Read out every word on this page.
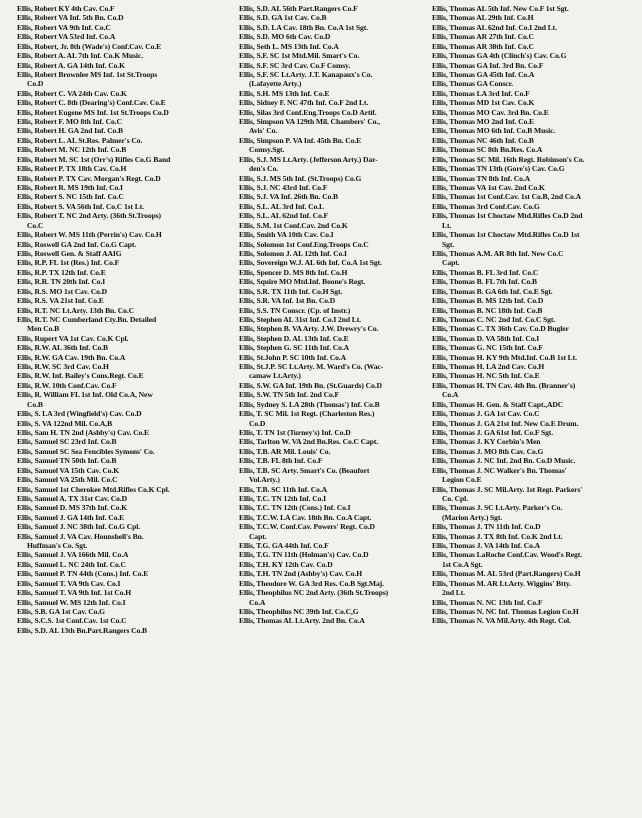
Ellis, Robert KY 4th Cav. Co.F
Ellis, Robert VA Inf. 5th Bn. Co.D
Ellis, Robert VA 9th Inf. Co.C
Ellis, Robert VA 53rd Inf. Co.A
Ellis, Robert, Jr. 8th (Wade's) Conf.Cav. Co.E
Ellis, Robert A. AL 7th Inf. Co.K Music.
Ellis, Robert A. GA 14th Inf. Co.K
Ellis, Robert Brownlee MS Inf. 1st St.Troops
Co.D
Ellis, Robert C. VA 24th Cav. Co.K
Ellis, Robert C. 8th (Dearing's) Conf.Cav. Co.E
Ellis, Robert Eugene MS Inf. 1st St.Troops Co.D
Ellis, Robert F. MO 8th Inf. Co.C
Ellis, Robert H. GA 2nd Inf. Co.B
Ellis, Robert L. AL St.Res. Palmer's Co.
Ellis, Robert M. NC 12th Inf. Co.B
Ellis, Robert M. SC 1st (Orr's) Rifles Co.G Band
Ellis, Robert P. TX 18th Cav. Co.H
Ellis, Robert P. TX Cav. Morgan's Regt. Co.D
Ellis, Robert R. MS 19th Inf. Co.I
Ellis, Robert S. NC 15th Inf. Co.C
Ellis, Robert S. VA 56th Inf. Co.C 1st Lt.
Ellis, Robert T. NC 2nd Arty. (36th St.Troops)
Co.C
Ellis, Robert W. MS 11th (Perrin's) Cav. Co.H
Ellis, Roswell GA 2nd Inf. Co.G Capt.
Ellis, Roswell Gen. & Staff AAIG
Ellis, R.P. FL 1st (Res.) Inf. Co.F
Ellis, R.P. TX 12th Inf. Co.E
Ellis, R.R. TN 20th Inf. Co.I
Ellis, R.S. MO 1st Cav. Co.D
Ellis, R.S. VA 21st Inf. Co.E
Ellis, R.T. NC Lt.Arty. 13th Bn. Co.C
Ellis, R.T. NC Cumberland Cty.Bn. Detailed
Men Co.B
Ellis, Rupert VA 1st Cav. Co.K Cpl.
Ellis, R.W. AL 36th Inf. Co.B
Ellis, R.W. GA Cav. 19th Bn. Co.A
Ellis, R.W. SC 3rd Cav. Co.H
Ellis, R.W. Inf. Bailey's Cons.Regt. Co.E
Ellis, R.W. 10th Conf.Cav. Co.F
Ellis, R. William FL 1st Inf. Old Co.A, New
Co.B
Ellis, S. LA 3rd (Wingfield's) Cav. Co.D
Ellis, S. VA 122nd Mil. Co.A,B
Ellis, Sam H. TN 2nd (Ashby's) Cav. Co.E
Ellis, Samuel SC 23rd Inf. Co.B
Ellis, Samuel SC Sea Fencibles Symons' Co.
Ellis, Samuel TN 50th Inf. Co.B
Ellis, Samuel VA 15th Cav. Co.K
Ellis, Samuel VA 25th Mil. Co.C
Ellis, Samuel 1st Cherokee Mtd.Rifles Co.K Cpl.
Ellis, Samuel A. TX 31st Cav. Co.D
Ellis, Samuel D. MS 37th Inf. Co.K
Ellis, Samuel J. GA 14th Inf. Co.E
Ellis, Samuel J. NC 38th Inf. Co.G Cpl.
Ellis, Samuel J. VA Cav. Hounshell's Bn.
Huffman's Co. Sgt.
Ellis, Samuel J. VA 166th Mil. Co.A
Ellis, Samuel L. NC 24th Inf. Co.C
Ellis, Samuel P. TN 44th (Cons.) Inf. Co.E
Ellis, Samuel T. VA 9th Cav. Co.I
Ellis, Samuel T. VA 9th Inf. 1st Co.H
Ellis, Samuel W. MS 12th Inf. Co.I
Ellis, S.B. GA 1st Cav. Co.G
Ellis, S.C.S. 1st Conf.Cav. 1st Co.C
Ellis, S.D. AL 13th Bn.Part.Rangers Co.B
Ellis, S.D. AL 56th Part.Rangers Co.F
Ellis, S.D. GA 1st Cav. Co.B
Ellis, S.D. LA Cav. 18th Bn. Co.A 1st Sgt.
Ellis, S.D. MO 6th Cav. Co.D
Ellis, Seth L. MS 13th Inf. Co.A
Ellis, S.F. SC 1st Mtd.Mil. Smart's Co.
Ellis, S.F. SC 3rd Cav. Co.F Comsy.
Ellis, S.F. SC Lt.Arty. J.T. Kanapaux's Co.
(Lafayette Arty.)
Ellis, S.H. MS 13th Inf. Co.E
Ellis, Sidney F. NC 47th Inf. Co.F 2nd Lt.
Ellis, Silas 3rd Conf.Eng.Troops Co.D Artif.
Ellis, Simpson VA 129th Mil. Chambers' Co.,
Avis' Co.
Ellis, Simpson P. VA Inf. 45th Bn. Co.E
Comsy.Sgt.
Ellis, S.J. MS Lt.Arty. (Jefferson Arty.) Dar-
den's Co.
Ellis, S.J. MS 5th Inf. (St.Troops) Co.G
Ellis, S.J. NC 43rd Inf. Co.F
Ellis, S.J. VA Inf. 26th Bn. Co.B
Ellis, S.L. AL 3rd Inf. Co.L
Ellis, S.L. AL 62nd Inf. Co.F
Ellis, S.M. 1st Conf.Cav. 2nd Co.K
Ellis, Smith VA 10th Cav. Co.I
Ellis, Solomon 1st Conf.Eng.Troops Co.C
Ellis, Solomon J. AL 12th Inf. Co.I
Ellis, Sovereign W.J. AL 6th Inf. Co.A 1st Sgt.
Ellis, Spencer D. MS 8th Inf. Co.H
Ellis, Squire MO Mtd.Inf. Boone's Regt.
Ellis, S.R. TX 11th Inf. Co.H Sgt.
Ellis, S.R. VA Inf. 1st Bn. Co.D
Ellis, S.S. TN Conscr. (Cp. of Instr.)
Ellis, Stephen AL 31st Inf. Co.I 2nd Lt.
Ellis, Stephen B. VA Arty. J.W. Drewry's Co.
Ellis, Stephen D. AL 13th Inf. Co.E
Ellis, Stephen G. SC 11th Inf. Co.A
Ellis, St.John P. SC 10th Inf. Co.A
Ellis, St.J.P. SC Lt.Arty. M. Ward's Co. (Wac-
camaw Lt.Arty.)
Ellis, S.W. GA Inf. 19th Bn. (St.Guards) Co.D
Ellis, S.W. TN 5th Inf. 2nd Co.F
Ellis, Sydney S. LA 28th (Thomas') Inf. Co.B
Ellis, T. SC Mil. 1st Regt. (Charleston Res.)
Co.D
Ellis, T. TN 1st (Turney's) Inf. Co.D
Ellis, Tarlton W. VA 2nd Bn.Res. Co.C Capt.
Ellis, T.B. AR Mil. Louis' Co.
Ellis, T.B. FL 8th Inf. Co.F
Ellis, T.B. SC Arty. Smart's Co. (Beaufort
Vol.Arty.)
Ellis, T.B. SC 11th Inf. Co.A
Ellis, T.C. TN 12th Inf. Co.I
Ellis, T.C. TN 12th (Cons.) Inf. Co.I
Ellis, T.C.W. LA Cav. 18th Bn. Co.A Capt.
Ellis, T.C.W. Conf.Cav. Powers' Regt. Co.D
Capt.
Ellis, T.G. GA 44th Inf. Co.F
Ellis, T.G. TN 11th (Holman's) Cav. Co.D
Ellis, T.H. KY 12th Cav. Co.D
Ellis, T.H. TN 2nd (Ashby's) Cav. Co.H
Ellis, Theodore W. GA 3rd Res. Co.B Sgt.Maj.
Ellis, Theophilus NC 2nd Arty. (36th St.Troops)
Co.A
Ellis, Theophilus NC 39th Inf. Co.C,G
Ellis, Thomas AL Lt.Arty. 2nd Bn. Co.A
Ellis, Thomas AL 5th Inf. New Co.F 1st Sgt.
Ellis, Thomas AL 29th Inf. Co.H
Ellis, Thomas AL 62nd Inf. Co.I 2nd Lt.
Ellis, Thomas AR 27th Inf. Co.C
Ellis, Thomas AR 38th Inf. Co.C
Ellis, Thomas GA 4th (Clinch's) Cav. Co.G
Ellis, Thomas GA Inf. 3rd Bn. Co.F
Ellis, Thomas GA 45th Inf. Co.A
Ellis, Thomas GA Conscr.
Ellis, Thomas LA 3rd Inf. Co.F
Ellis, Thomas MD 1st Cav. Co.K
Ellis, Thomas MO Cav. 3rd Bn. Co.E
Ellis, Thomas MO 2nd Inf. Co.E
Ellis, Thomas MO 6th Inf. Co.B Music.
Ellis, Thomas NC 46th Inf. Co.B
Ellis, Thomas SC 8th Bn.Res. Co.A
Ellis, Thomas SC Mil. 16th Regt. Robinson's Co.
Ellis, Thomas TN 13th (Gore's) Cav. Co.G
Ellis, Thomas TN 8th Inf. Co.A
Ellis, Thomas VA 1st Cav. 2nd Co.K
Ellis, Thomas 1st Conf.Cav. 1st Co.B, 2nd Co.A
Ellis, Thomas 3rd Conf.Cav. Co.G
Ellis, Thomas 1st Choctaw Mtd.Rifles Co.D 2nd
Lt.
Ellis, Thomas 1st Choctaw Mtd.Rifles Co.D 1st
Sgt.
Ellis, Thomas A.M. AR 8th Inf. New Co.C
Capt.
Ellis, Thomas B. FL 3rd Inf. Co.C
Ellis, Thomas B. FL 7th Inf. Co.B
Ellis, Thomas B. GA 6th Inf. Co.E Sgt.
Ellis, Thomas B. MS 12th Inf. Co.D
Ellis, Thomas B. NC 18th Inf. Co.B
Ellis, Thomas C. NC 2nd Inf. Co.C Sgt.
Ellis, Thomas C. TX 36th Cav. Co.D Bugler
Ellis, Thomas D. VA 58th Inf. Co.I
Ellis, Thomas G. NC 15th Inf. Co.F
Ellis, Thomas H. KY 9th Mtd.Inf. Co.B 1st Lt.
Ellis, Thomas H. LA 2nd Cav. Co.H
Ellis, Thomas H. NC 5th Inf. Co.E
Ellis, Thomas H. TN Cav. 4th Bn. (Branner's)
Co.A
Ellis, Thomas H. Gen. & Staff Capt.,ADC
Ellis, Thomas J. GA 1st Cav. Co.C
Ellis, Thomas J. GA 21st Inf. New Co.E Drum.
Ellis, Thomas J. GA 61st Inf. Co.F Sgt.
Ellis, Thomas J. KY Corbin's Men
Ellis, Thomas J. MO 8th Cav. Co.G
Ellis, Thomas J. NC Inf. 2nd Bn. Co.D Music.
Ellis, Thomas J. NC Walker's Bn. Thomas'
Legion Co.E
Ellis, Thomas J. SC Mil.Arty. 1st Regt. Parkers'
Co. Cpl.
Ellis, Thomas J. SC Lt.Arty. Parker's Co.
(Marion Arty.) Sgt.
Ellis, Thomas J. TN 11th Inf. Co.D
Ellis, Thomas J. TX 8th Inf. Co.K 2nd Lt.
Ellis, Thomas J. VA 14th Inf. Co.A
Ellis, Thomas LaRoche Conf.Cav. Wood's Regt.
1st Co.A Sgt.
Ellis, Thomas M. AL 53rd (Part.Rangers) Co.H
Ellis, Thomas M. AR Lt.Arty. Wiggins' Btty.
2nd Lt.
Ellis, Thomas N. NC 13th Inf. Co.F
Ellis, Thomas N. NC Inf. Thomas Legion Co.H
Ellis, Thomas N. VA Mil.Arty. 4th Regt. Col.
